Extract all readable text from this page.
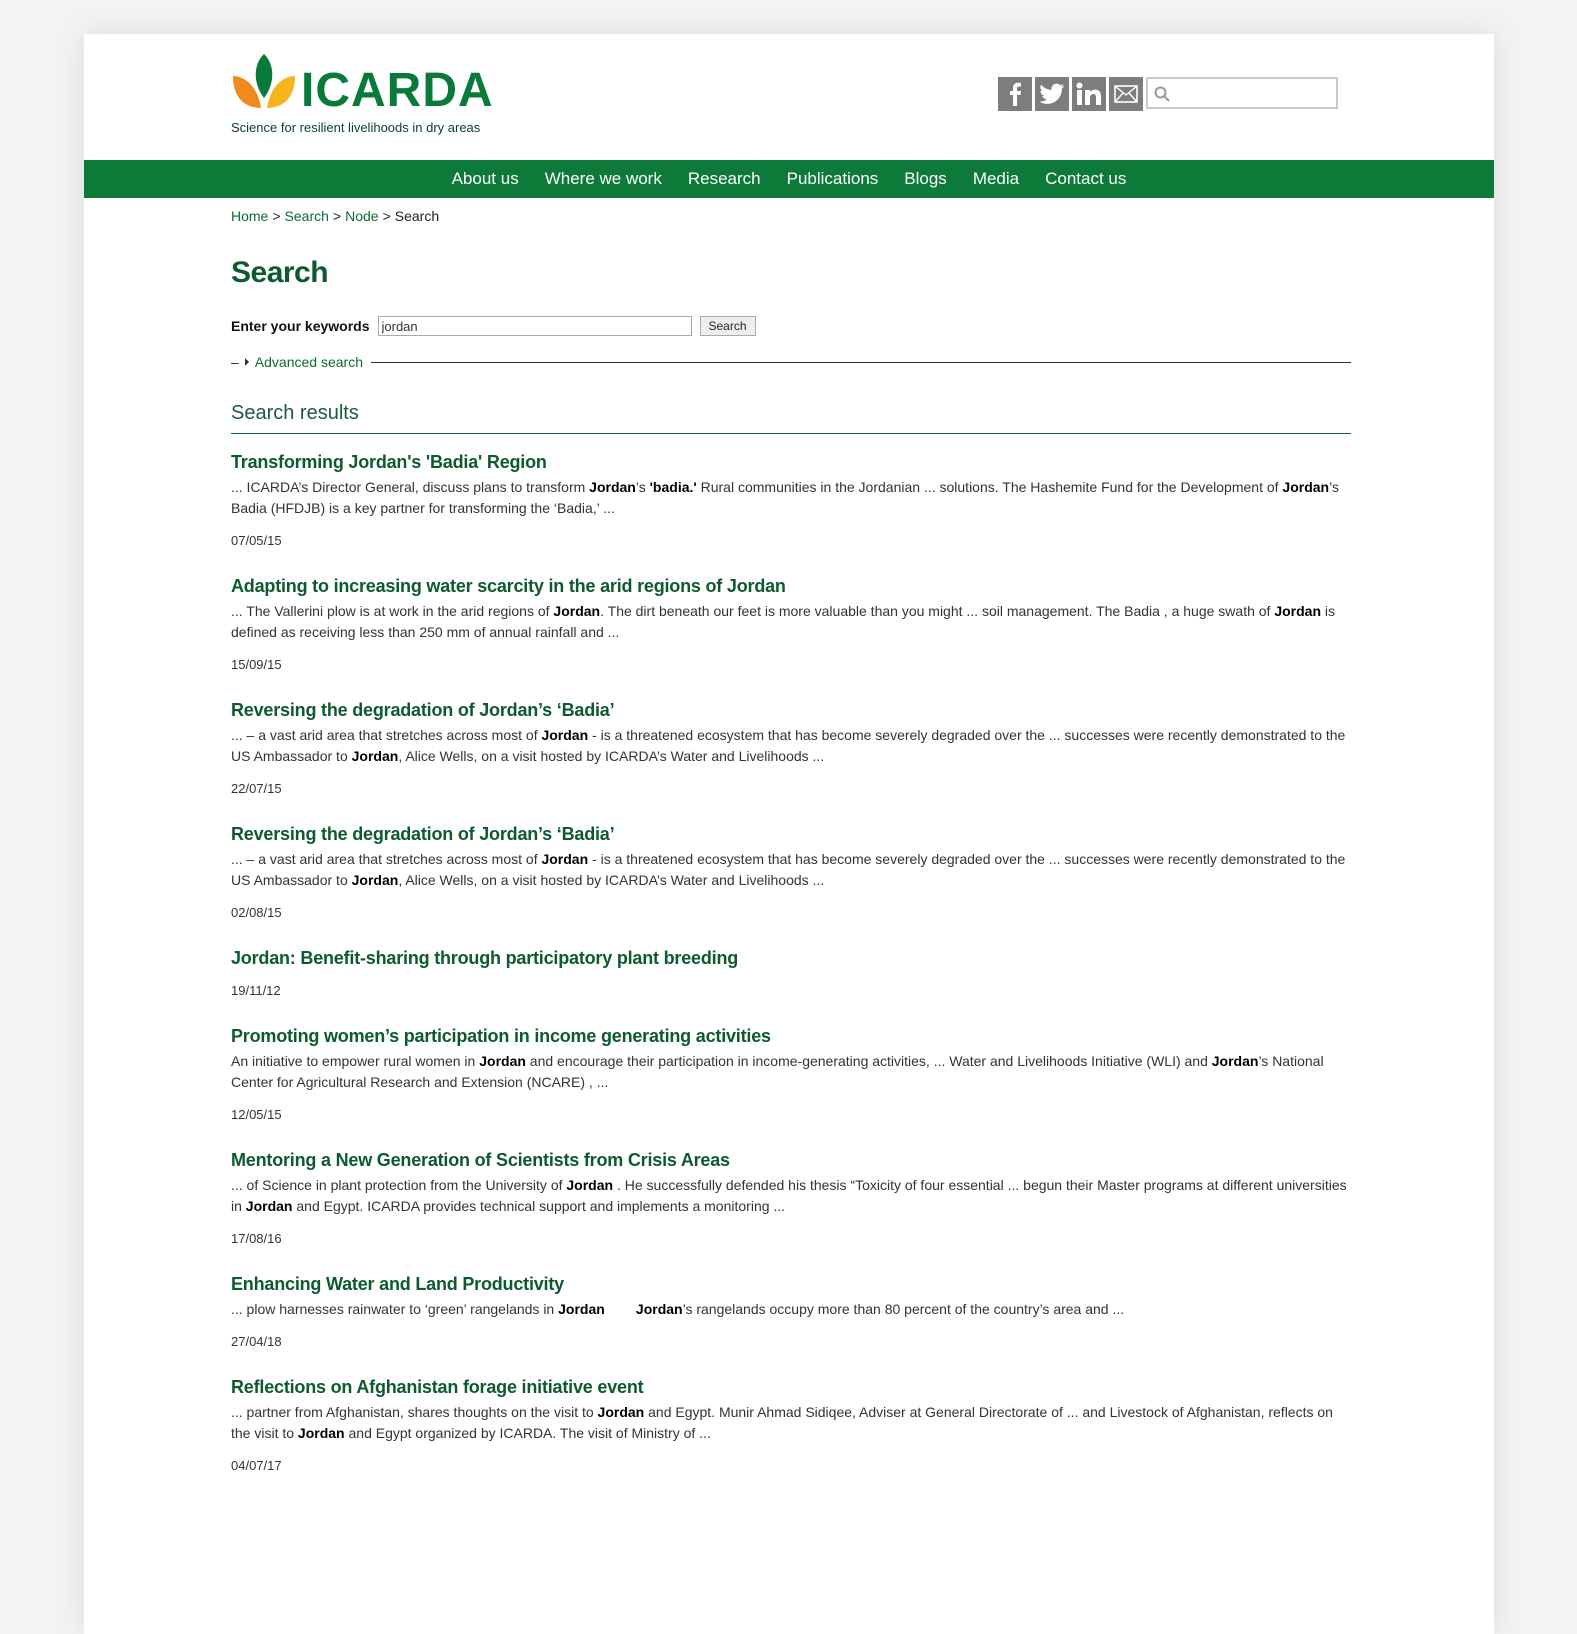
ICARDA
Science for resilient livelihoods in dry areas
About us Where we work Research Publications Blogs Media Contact us
Home > Search > Node > Search
Search
Enter your keywords
jordan	Search
– Advanced search
Search results
Transforming Jordan's 'Badia' Region
... ICARDA’s Director General, discuss plans to transform Jordan’s 'badia.' Rural communities in the Jordanian ... solutions. The Hashemite Fund for the Development of Jordan’s Badia (HFDJB) is a key partner for transforming the ‘Badia,’ ...
07/05/15
Adapting to increasing water scarcity in the arid regions of Jordan
... The Vallerini plow is at work in the arid regions of Jordan. The dirt beneath our feet is more valuable than you might ... soil management. The Badia , a huge swath of Jordan is defined as receiving less than 250 mm of annual rainfall and ...
15/09/15
Reversing the degradation of Jordan’s ‘Badia’
... – a vast arid area that stretches across most of Jordan - is a threatened ecosystem that has become severely degraded over the ... successes were recently demonstrated to the US Ambassador to Jordan, Alice Wells, on a visit hosted by ICARDA’s Water and Livelihoods ...
22/07/15
Reversing the degradation of Jordan’s ‘Badia’
... – a vast arid area that stretches across most of Jordan - is a threatened ecosystem that has become severely degraded over the ... successes were recently demonstrated to the US Ambassador to Jordan, Alice Wells, on a visit hosted by ICARDA’s Water and Livelihoods ...
02/08/15
Jordan: Benefit-sharing through participatory plant breeding
19/11/12
Promoting women’s participation in income generating activities
An initiative to empower rural women in Jordan and encourage their participation in income-generating activities, ... Water and Livelihoods Initiative (WLI) and Jordan’s National Center for Agricultural Research and Extension (NCARE) , ...
12/05/15
Mentoring a New Generation of Scientists from Crisis Areas
... of Science in plant protection from the University of Jordan . He successfully defended his thesis “Toxicity of four essential ... begun their Master programs at different universities in Jordan and Egypt. ICARDA provides technical support and implements a monitoring ...
17/08/16
Enhancing Water and Land Productivity
... plow harnesses rainwater to ‘green’ rangelands in Jordan Jordan’s rangelands occupy more than 80 percent of the country’s area and ...
27/04/18
Reflections on Afghanistan forage initiative event
... partner from Afghanistan, shares thoughts on the visit to Jordan and Egypt. Munir Ahmad Sidiqee, Adviser at General Directorate of ... and Livestock of Afghanistan, reflects on the visit to Jordan and Egypt organized by ICARDA. The visit of Ministry of ...
04/07/17
